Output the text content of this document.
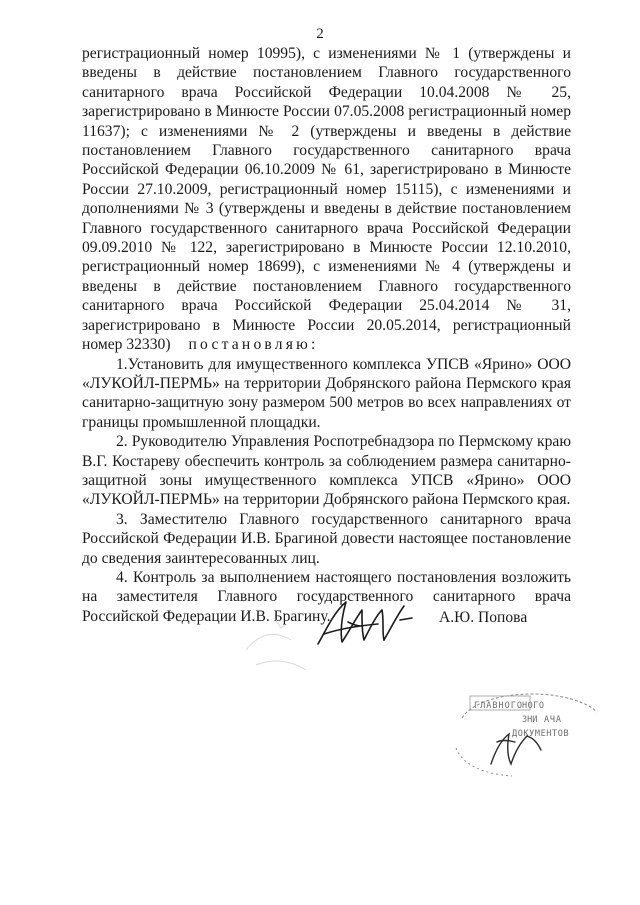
2

регистрационный номер 10995), с изменениями № 1 (утверждены и введены в действие постановлением Главного государственного санитарного врача Российской Федерации 10.04.2008 № 25, зарегистрировано в Минюсте России 07.05.2008 регистрационный номер 11637); с изменениями № 2 (утверждены и введены в действие постановлением Главного государственного санитарного врача Российской Федерации 06.10.2009 № 61, зарегистрировано в Минюсте России 27.10.2009, регистрационный номер 15115), с изменениями и дополнениями № 3 (утверждены и введены в действие постановлением Главного государственного санитарного врача Российской Федерации 09.09.2010 № 122, зарегистрировано в Минюсте России 12.10.2010, регистрационный номер 18699), с изменениями № 4 (утверждены и введены в действие постановлением Главного государственного санитарного врача Российской Федерации 25.04.2014 № 31, зарегистрировано в Минюсте России 20.05.2014, регистрационный номер 32330) постановляю:

1.Установить для имущественного комплекса УПСВ «Ярино» ООО «ЛУКОЙЛ-ПЕРМЬ» на территории Добрянского района Пермского края санитарно-защитную зону размером 500 метров во всех направлениях от границы промышленной площадки.

2. Руководителю Управления Роспотребнадзора по Пермскому краю В.Г. Костареву обеспечить контроль за соблюдением размера санитарно-защитной зоны имущественного комплекса УПСВ «Ярино» ООО «ЛУКОЙЛ-ПЕРМЬ» на территории Добрянского района Пермского края.

3. Заместителю Главного государственного санитарного врача Российской Федерации И.В. Брагиной довести настоящее постановление до сведения заинтересованных лиц.

4. Контроль за выполнением настоящего постановления возложить на заместителя Главного государственного санитарного врача Российской Федерации И.В. Брагину.	А.Ю. Попова
ГЛАВНОГО НОГО
АЧА
ЗНИ
ДОКУМЕНТОВ
